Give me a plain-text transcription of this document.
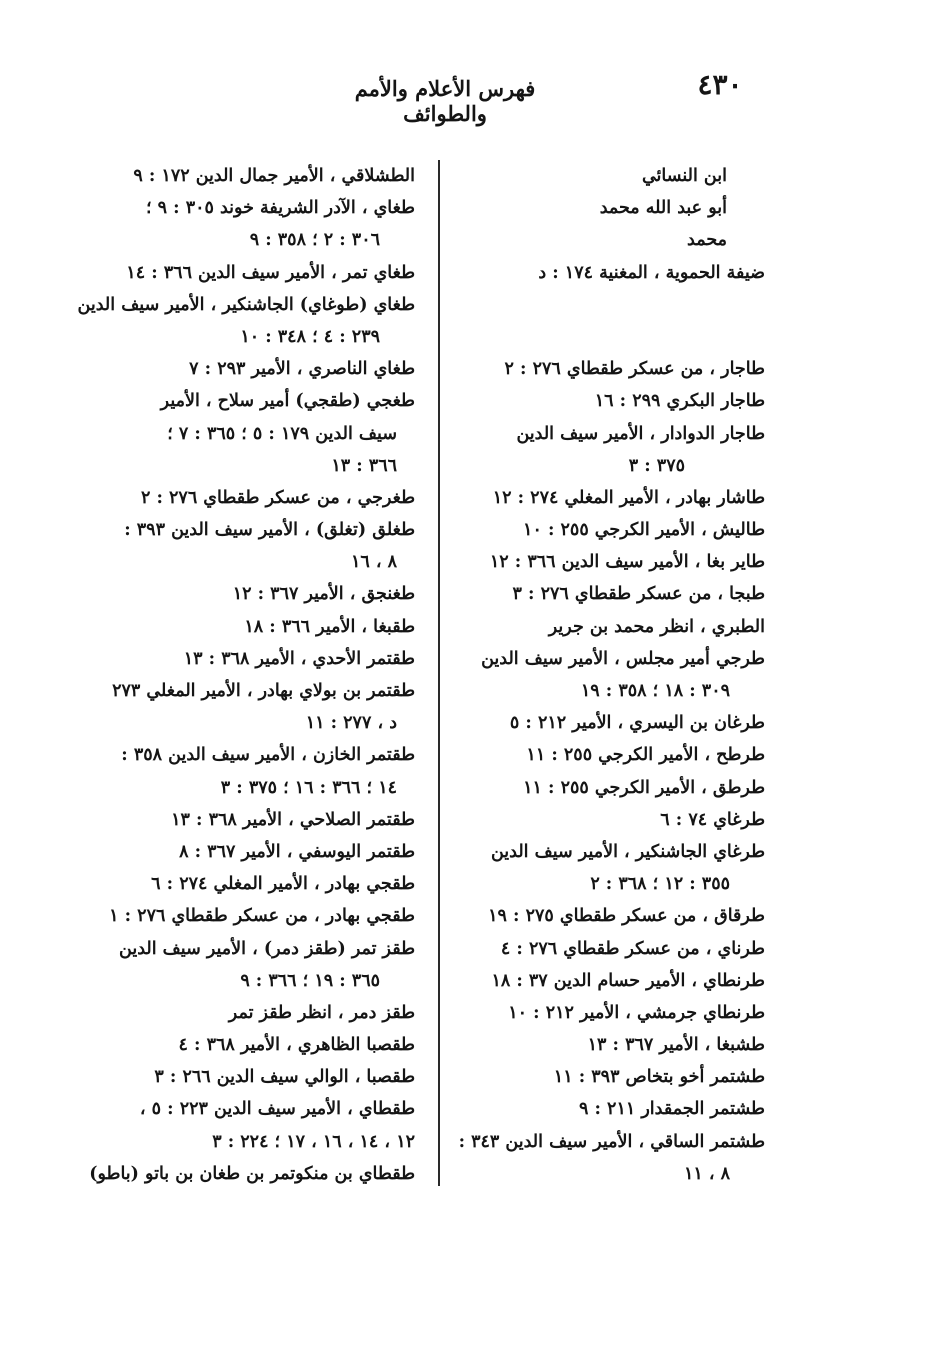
٤٣٠
فهرس الأعلام والأمم والطوائف
ابن النسائي
أبو عبد الله محمد
محمد
ضيفة الحموية ، المغنية ١٧٤ : د
طاجار ، من عسكر طقطاي ٢٧٦ : ٢
طاجار البكري ٢٩٩ : ١٦
طاجار الدوادار ، الأمير سيف الدين
٣٧٥ : ٣
طاشار بهادر ، الأمير المغلي ٢٧٤ : ١٢
طاليش ، الأمير الكرجي ٢٥٥ : ١٠
طاير بغا ، الأمير سيف الدين ٣٦٦ : ١٢
طبجا ، من عسكر طقطاي ٢٧٦ : ٣
الطبري ، انظر محمد بن جرير
طرجي أمير مجلس ، الأمير سيف الدين
٣٠٩ : ١٨ ؛ ٣٥٨ : ١٩
طرغان بن اليسري ، الأمير ٢١٢ : ٥
طرطح ، الأمير الكرجي ٢٥٥ : ١١
طرطق ، الأمير الكرجي ٢٥٥ : ١١
طرغاي ٧٤ : ٦
طرغاي الجاشنكير ، الأمير سيف الدين
٣٥٥ : ١٢ ؛ ٣٦٨ : ٢
طرقاق ، من عسكر طقطاي ٢٧٥ : ١٩
طرناي ، من عسكر طقطاي ٢٧٦ : ٤
طرنطاي ، الأمير حسام الدين ٣٧ : ١٨
طرنطاي جرمشي ، الأمير ٢١٢ : ١٠
طشبغا ، الأمير ٣٦٧ : ١٣
طشتمر أخو بتخاص ٣٩٣ : ١١
طشتمر الجمقدار ٢١١ : ٩
طشتمر الساقي ، الأمير سيف الدين ٣٤٣ :
٨ ، ١١
الطشلاقي ، الأمير جمال الدين ١٧٢ : ٩
طغاي ، الآدر الشريفة خوند ٣٠٥ : ٩ ؛
٣٠٦ : ٢ ؛ ٣٥٨ : ٩
طغاي تمر ، الأمير سيف الدين ٣٦٦ : ١٤
طغاي (طوغاي) الجاشنكير ، الأمير سيف الدين
٢٣٩ : ٤ ؛ ٣٤٨ : ١٠
طغاي الناصري ، الأمير ٢٩٣ : ٧
طغجي (طقجي) أمير سلاح ، الأمير
سيف الدين ١٧٩ : ٥ ؛ ٣٦٥ : ٧ ؛
٣٦٦ : ١٣
طغرجي ، من عسكر طقطاي ٢٧٦ : ٢
طغلق (تغلق) ، الأمير سيف الدين ٣٩٣ :
٨ ، ١٦
طغنجق ، الأمير ٣٦٧ : ١٢
طقبغا ، الأمير ٣٦٦ : ١٨
طقتمر الأحدي ، الأمير ٣٦٨ : ١٣
طقتمر بن بولاي بهادر ، الأمير المغلي ٢٧٣
د ، ٢٧٧ : ١١
طقتمر الخازن ، الأمير سيف الدين ٣٥٨ :
١٤ ؛ ٣٦٦ : ١٦ ؛ ٣٧٥ : ٣
طقتمر الصلاحي ، الأمير ٣٦٨ : ١٣
طقتمر اليوسفي ، الأمير ٣٦٧ : ٨
طقجي بهادر ، الأمير المغلي ٢٧٤ : ٦
طقجي بهادر ، من عسكر طقطاي ٢٧٦ : ١
طقز تمر (طقز دمر) ، الأمير سيف الدين
٣٦٥ : ١٩ ؛ ٣٦٦ : ٩
طقز دمر ، انظر طقز تمر
طقصبا الظاهري ، الأمير ٣٦٨ : ٤
طقصبا ، الوالي سيف الدين ٢٦٦ : ٣
طقطاي ، الأمير سيف الدين ٢٢٣ : ٥ ،
١٢ ، ١٤ ، ١٦ ، ١٧ ؛ ٢٢٤ : ٣
طقطاي بن منكوتمر بن طغان بن باتو (باطو)
